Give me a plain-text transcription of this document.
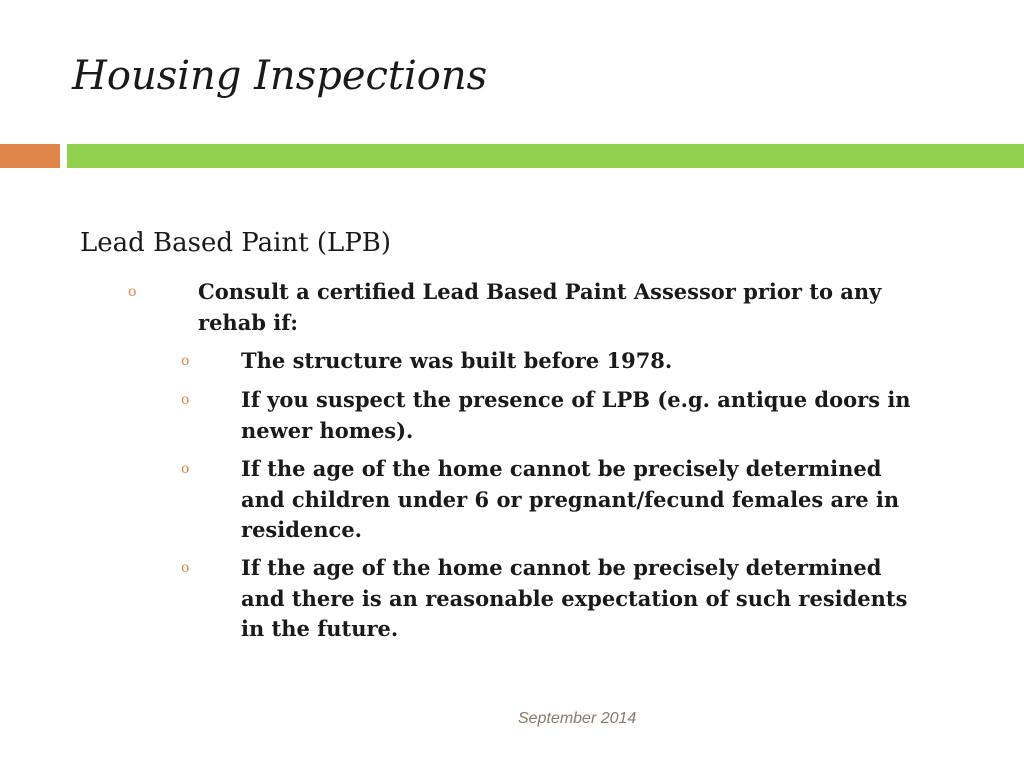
Housing Inspections
Lead Based Paint (LPB)
o	Consult a certified Lead Based Paint Assessor prior to any rehab if:
o The structure was built before 1978.
o If you suspect the presence of LPB (e.g. antique doors in newer homes).
o If the age of the home cannot be precisely determined and children under 6 or pregnant/fecund females are in residence.
o If the age of the home cannot be precisely determined and there is an reasonable expectation of such residents in the future.
September 2014
